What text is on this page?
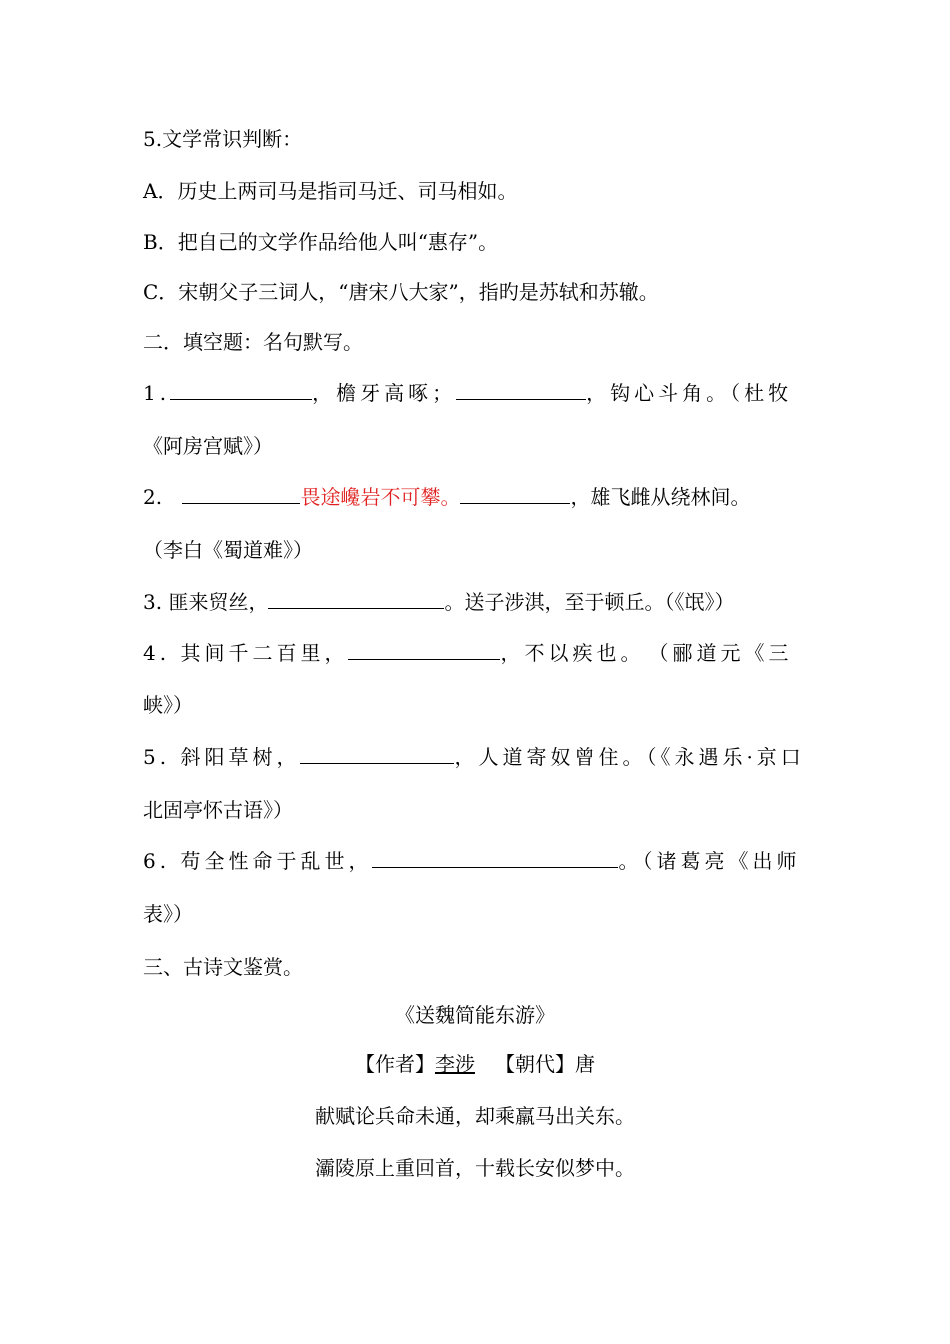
5.文学常识判断：
A．历史上两司马是指司马迁、司马相如。
B．把自己的文学作品给他人叫“惠存”。
C．宋朝父子三词人，“唐宋八大家”，指旳是苏轼和苏辙。
二．填空题：名句默写。
1.	，檐牙高啄；	，钩心斗角。（杜牧
《阿房宫赋》）
2.	畏途巉岩不可攀。	，雄飞雌从绕林间。
（李白《蜀道难》）
3. 匪来贸丝，	。送子涉淇，至于顿丘。（《氓》）
4. 其间千二百里，	，不以疾也。　（郦道元《三
峡》）
5. 斜阳草树，	，人道寄奴曾住。（《永遇乐·京口
北固亭怀古语》）
6. 苟全性命于乱世，	。（诸葛亮《出师
表》）
三、古诗文鉴赏。
《送魏简能东游》
【作者】李涉 【朝代】唐
献赋论兵命未通，却乘羸马出关东。
灞陵原上重回首，十载长安似梦中。
